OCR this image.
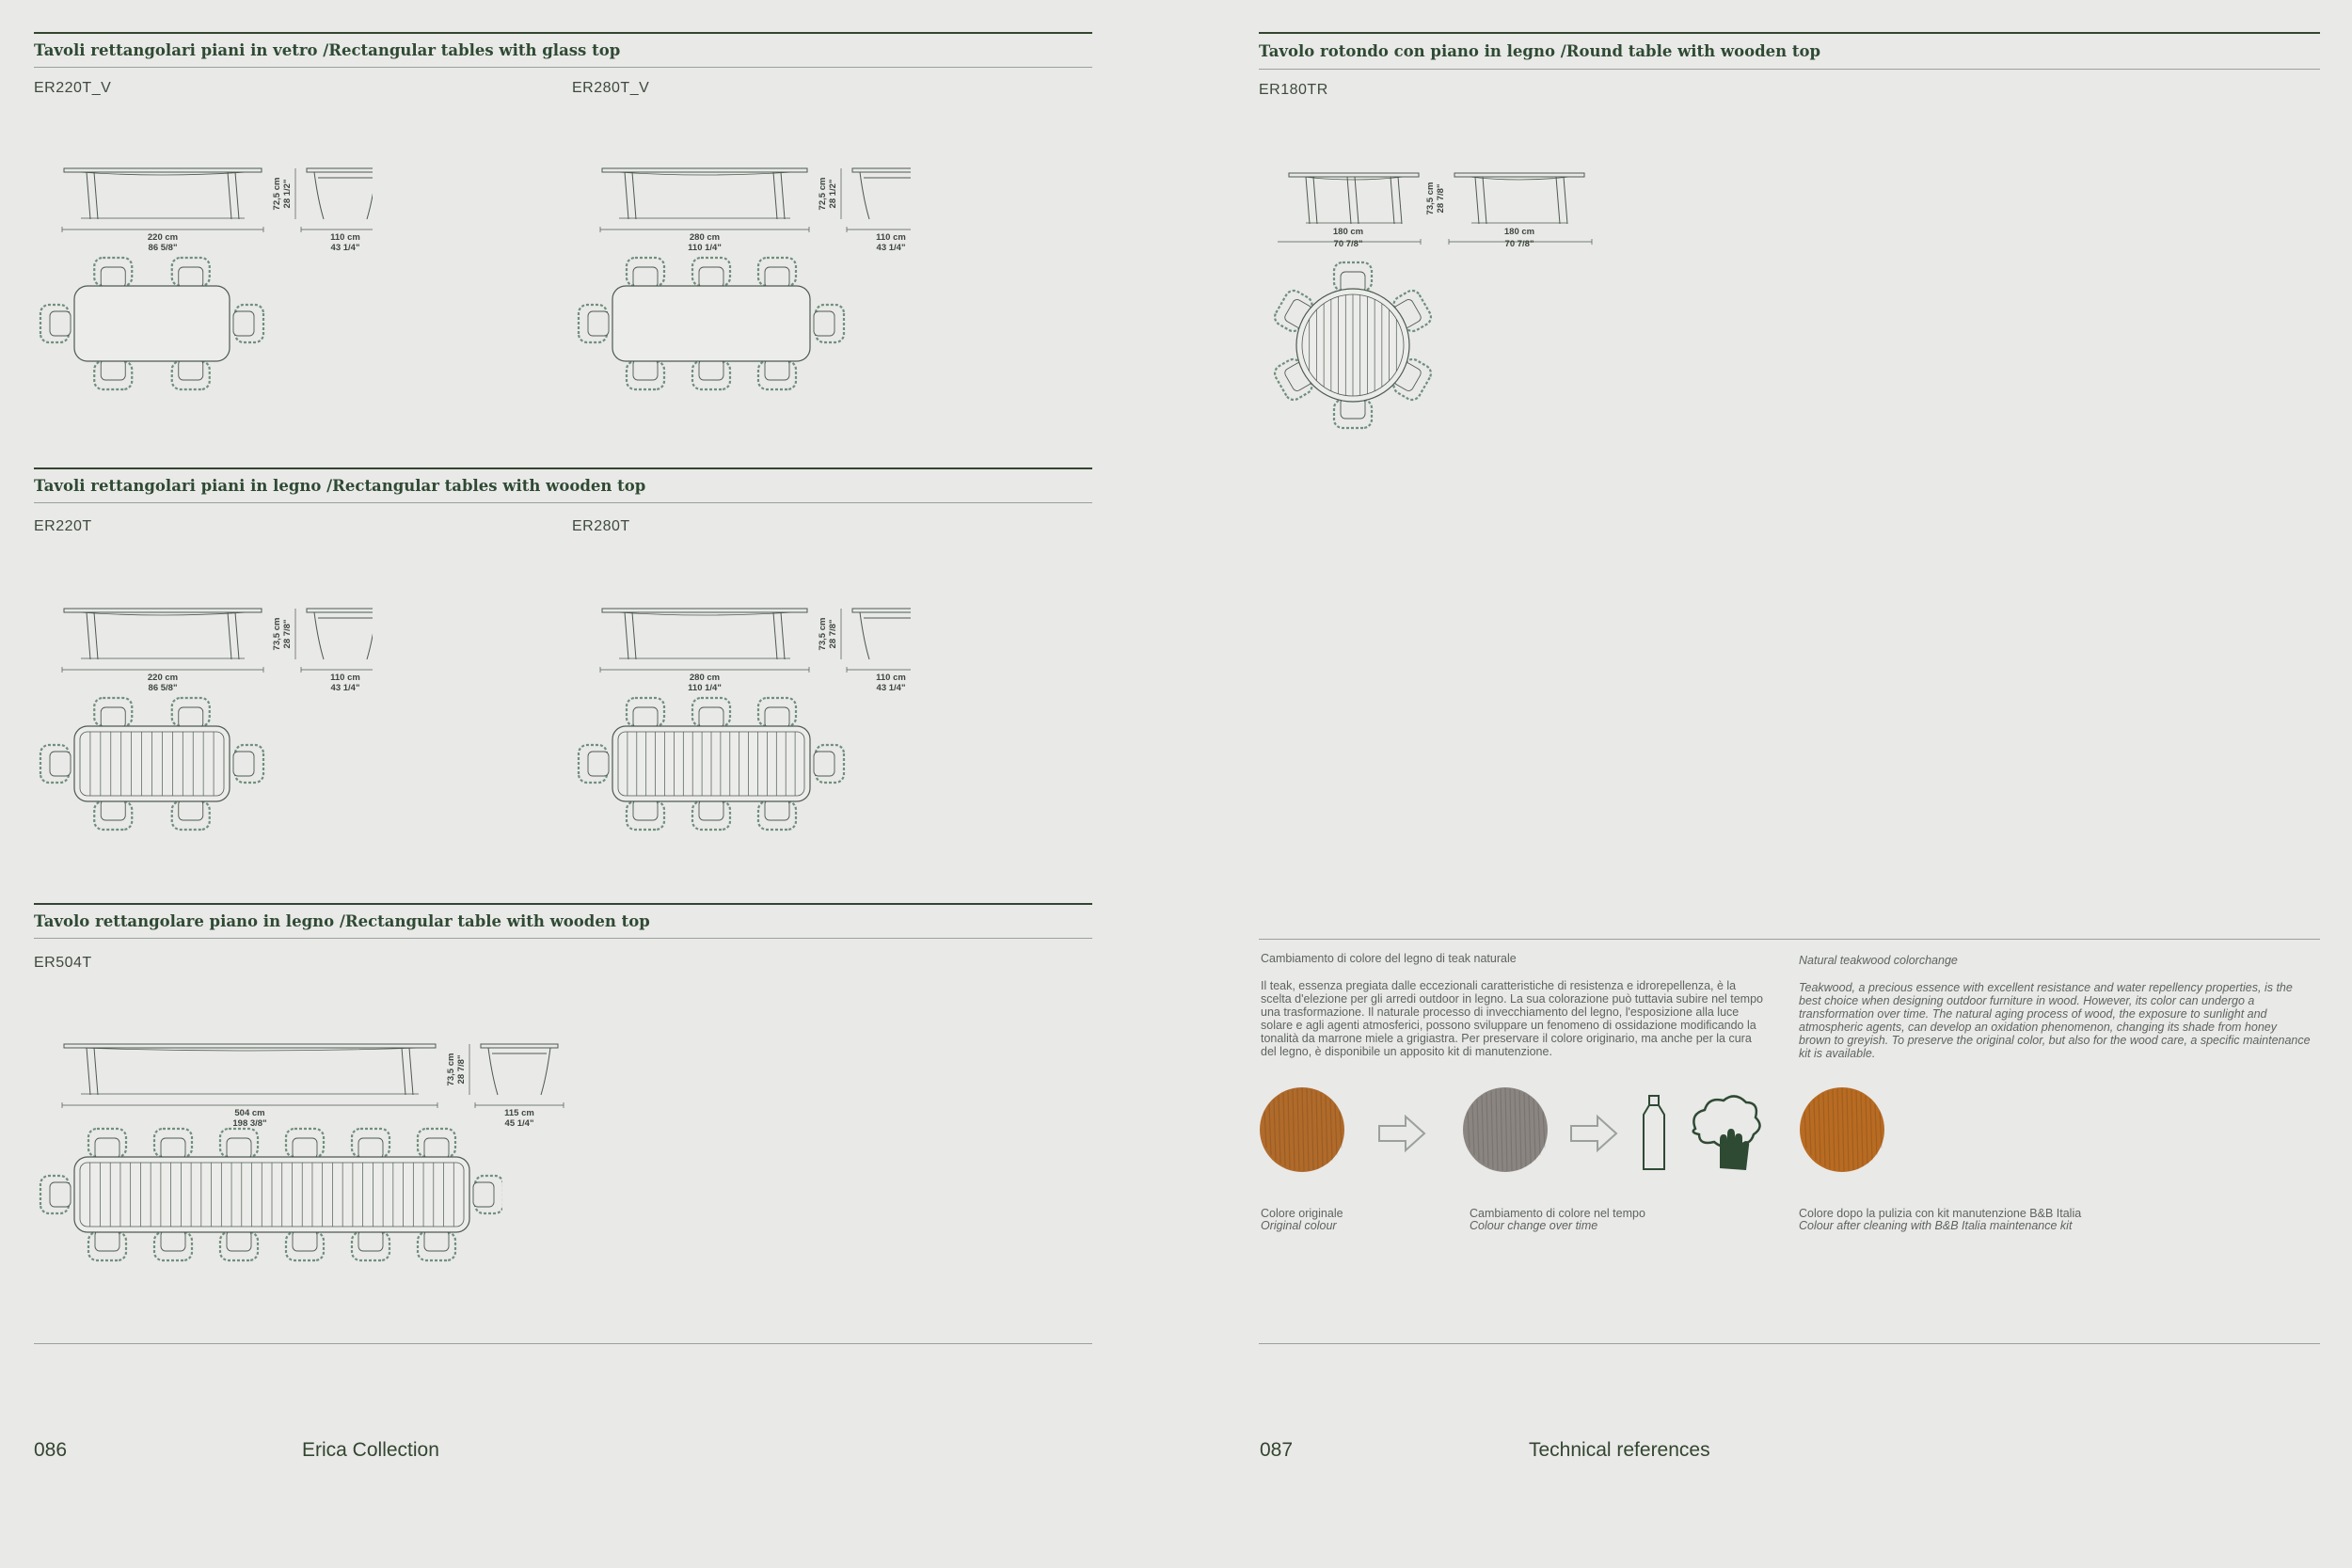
Tavoli rettangolari piani in vetro /Rectangular tables with glass top
ER220T_V	ER280T_V
220 cm
86 5/8"
72,5 cm 28 1/2"
110 cm
43 1/4"
280 cm
110 1/4"
72,5 cm 28 1/2"
110 cm
43 1/4"
Tavoli rettangolari piani in legno /Rectangular tables with wooden top
ER220T	ER280T
220 cm
86 5/8"
73,5 cm 28 7/8"
110 cm
43 1/4"
280 cm
110 1/4"
73,5 cm 28 7/8"
110 cm
43 1/4"
Tavolo rettangolare piano in legno /Rectangular table with wooden top
ER504T
504 cm
198 3/8"
73,5 cm 28 7/8"
115 cm
45 1/4"
086	Erica Collection
Tavolo rotondo con piano in legno /Round table with wooden top
ER180TR
180 cm
70 7/8"
73,5 cm 28 7/8"
180 cm
70 7/8"
Cambiamento di colore del legno di teak naturale
Il teak, essenza pregiata dalle eccezionali caratteristiche di resistenza e idrorepellenza, è la scelta d'elezione per gli arredi outdoor in legno. La sua colorazione può tuttavia subire nel tempo una trasformazione. Il naturale processo di invecchiamento del legno, l'esposizione alla luce solare e agli agenti atmosferici, possono sviluppare un fenomeno di ossidazione modificando la tonalità da marrone miele a grigiastra. Per preservare il colore originario, ma anche per la cura del legno, è disponibile un apposito kit di manutenzione.
Natural teakwood colorchange
Teakwood, a precious essence with excellent resistance and water repellency properties, is the best choice when designing outdoor furniture in wood. However, its color can undergo a transformation over time. The natural aging process of wood, the exposure to sunlight and atmospheric agents, can develop an oxidation phenomenon, changing its shade from honey brown to greyish. To preserve the original color, but also for the wood care, a specific maintenance kit is available.
Colore originale
Original colour
Cambiamento di colore nel tempo
Colour change over time
Colore dopo la pulizia con kit manutenzione B&B Italia
Colour after cleaning with B&B Italia maintenance kit
087	Technical references
